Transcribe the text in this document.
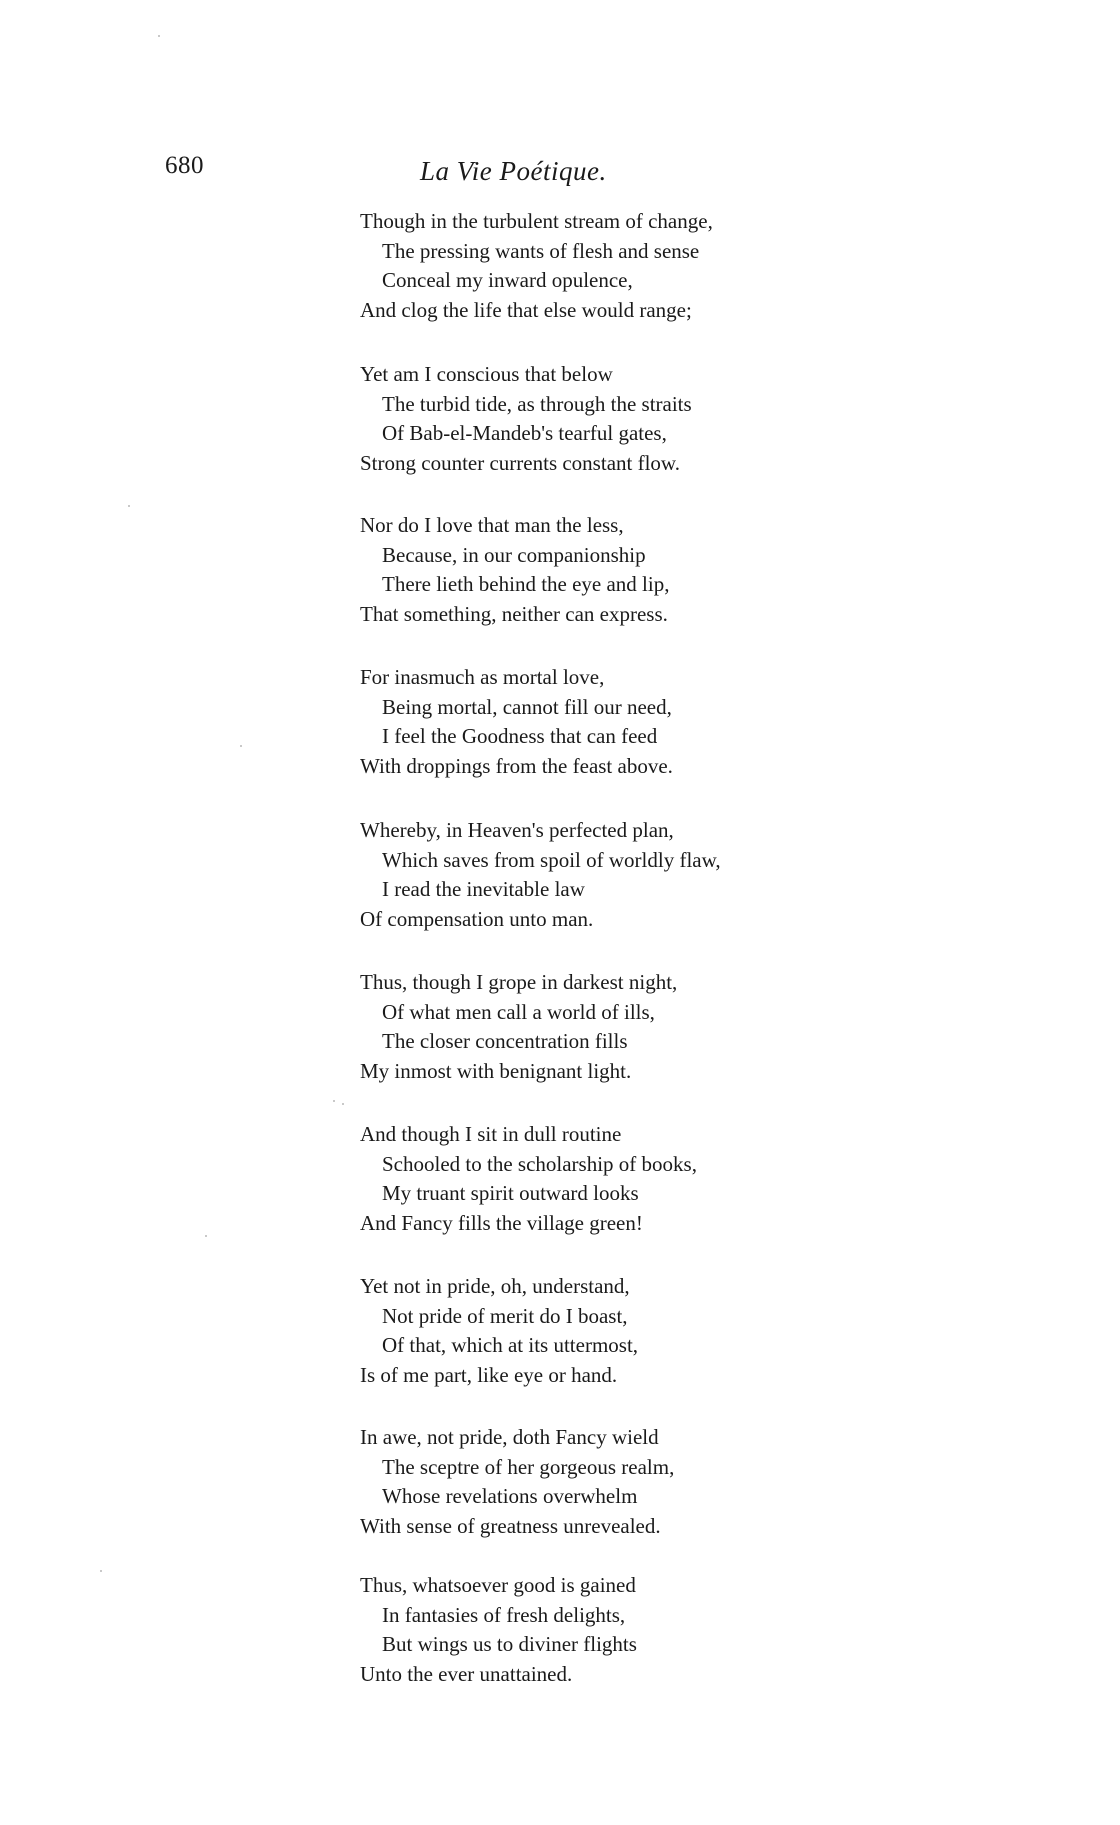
680	La Vie Poétique.
Though in the turbulent stream of change,
The pressing wants of flesh and sense
Conceal my inward opulence,
And clog the life that else would range;
Yet am I conscious that below
The turbid tide, as through the straits
Of Bab-el-Mandeb's tearful gates,
Strong counter currents constant flow.
Nor do I love that man the less,
Because, in our companionship
There lieth behind the eye and lip,
That something, neither can express.
For inasmuch as mortal love,
Being mortal, cannot fill our need,
I feel the Goodness that can feed
With droppings from the feast above.
Whereby, in Heaven's perfected plan,
Which saves from spoil of worldly flaw,
I read the inevitable law
Of compensation unto man.
Thus, though I grope in darkest night,
Of what men call a world of ills,
The closer concentration fills
My inmost with benignant light.
And though I sit in dull routine
Schooled to the scholarship of books,
My truant spirit outward looks
And Fancy fills the village green!
Yet not in pride, oh, understand,
Not pride of merit do I boast,
Of that, which at its uttermost,
Is of me part, like eye or hand.
In awe, not pride, doth Fancy wield
The sceptre of her gorgeous realm,
Whose revelations overwhelm
With sense of greatness unrevealed.
Thus, whatsoever good is gained
In fantasies of fresh delights,
But wings us to diviner flights
Unto the ever unattained.
